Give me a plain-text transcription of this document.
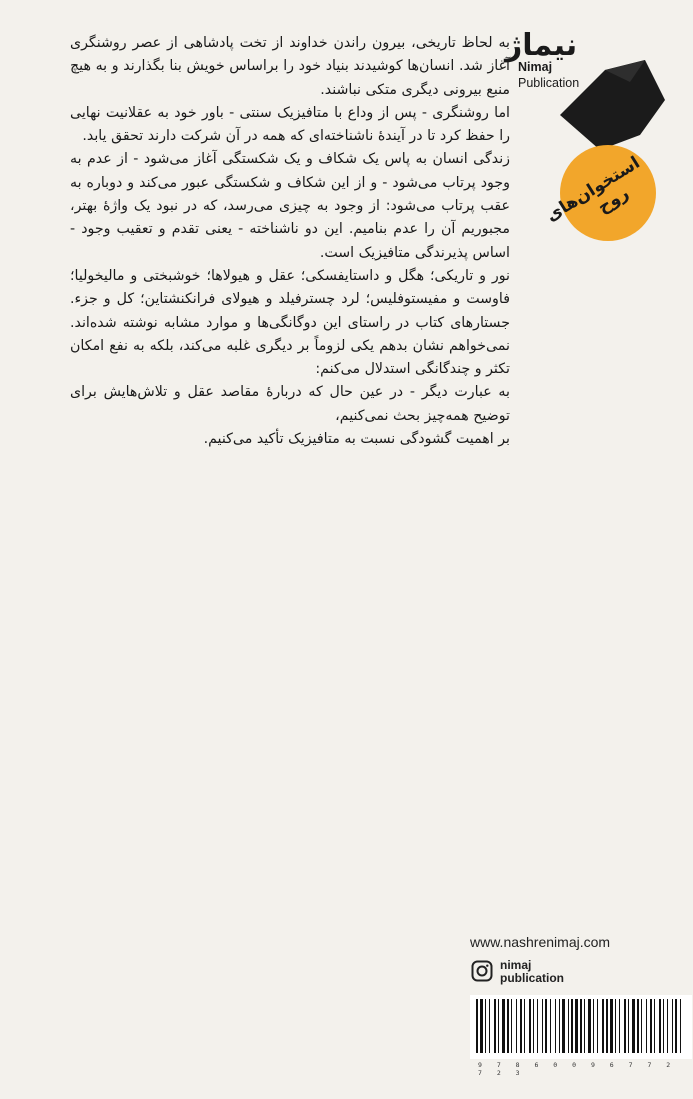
به لحاظ تاریخی، بیرون راندن خداوند از تخت پادشاهی از عصر روشنگری آغاز شد. انسان‌ها کوشیدند بنیاد خود را براساس خویش بنا بگذارند و به هیچ منبع بیرونی دیگری متکی نباشند.

اما روشنگری - پس از وداع با متافیزیک سنتی - باور خود به عقلانیت نهایی را حفظ کرد تا در آیندهٔ ناشناخته‌ای که همه در آن شرکت دارند تحقق یابد.

زندگی انسان به پاس یک شکاف و یک شکستگی آغاز می‌شود - از عدم به وجود پرتاب می‌شود - و از این شکاف و شکستگی عبور می‌کند و دوباره به عقب پرتاب می‌شود: از وجود به چیزی می‌رسد، که در نبود یک واژهٔ بهتر، مجبوریم آن را عدم بنامیم. این دو ناشناخته - یعنی تقدم و تعقیب وجود - اساس پذیرندگی متافیزیک است.

نور و تاریکی؛ هگل و داستایفسکی؛ عقل و هیولاها؛ خوشبختی و مالیخولیا؛ فاوست و مفیستوفلیس؛ لرد چسترفیلد و هیولای فرانکنشتاین؛ کل و جزء. جستارهای کتاب در راستای این دوگانگی‌ها و موارد مشابه نوشته شده‌اند. نمی‌خواهم نشان بدهم یکی لزوماً بر دیگری غلبه می‌کند، بلکه به نفع امکان تکثر و چندگانگی استدلال می‌کنم:

به عبارت دیگر - در عین حال که دربارهٔ مقاصد عقل و تلاش‌هایش برای توضیح همه‌چیز بحث نمی‌کنیم،

بر اهمیت گشودگی نسبت به متافیزیک تأکید می‌کنیم.

نیماژ
Nimaj
Publication
استخوان‌های روح
www.nashrenimaj.com
nimaj
publication
9 7 8 6 0 0 9 6 7 7 2 7 2 3
